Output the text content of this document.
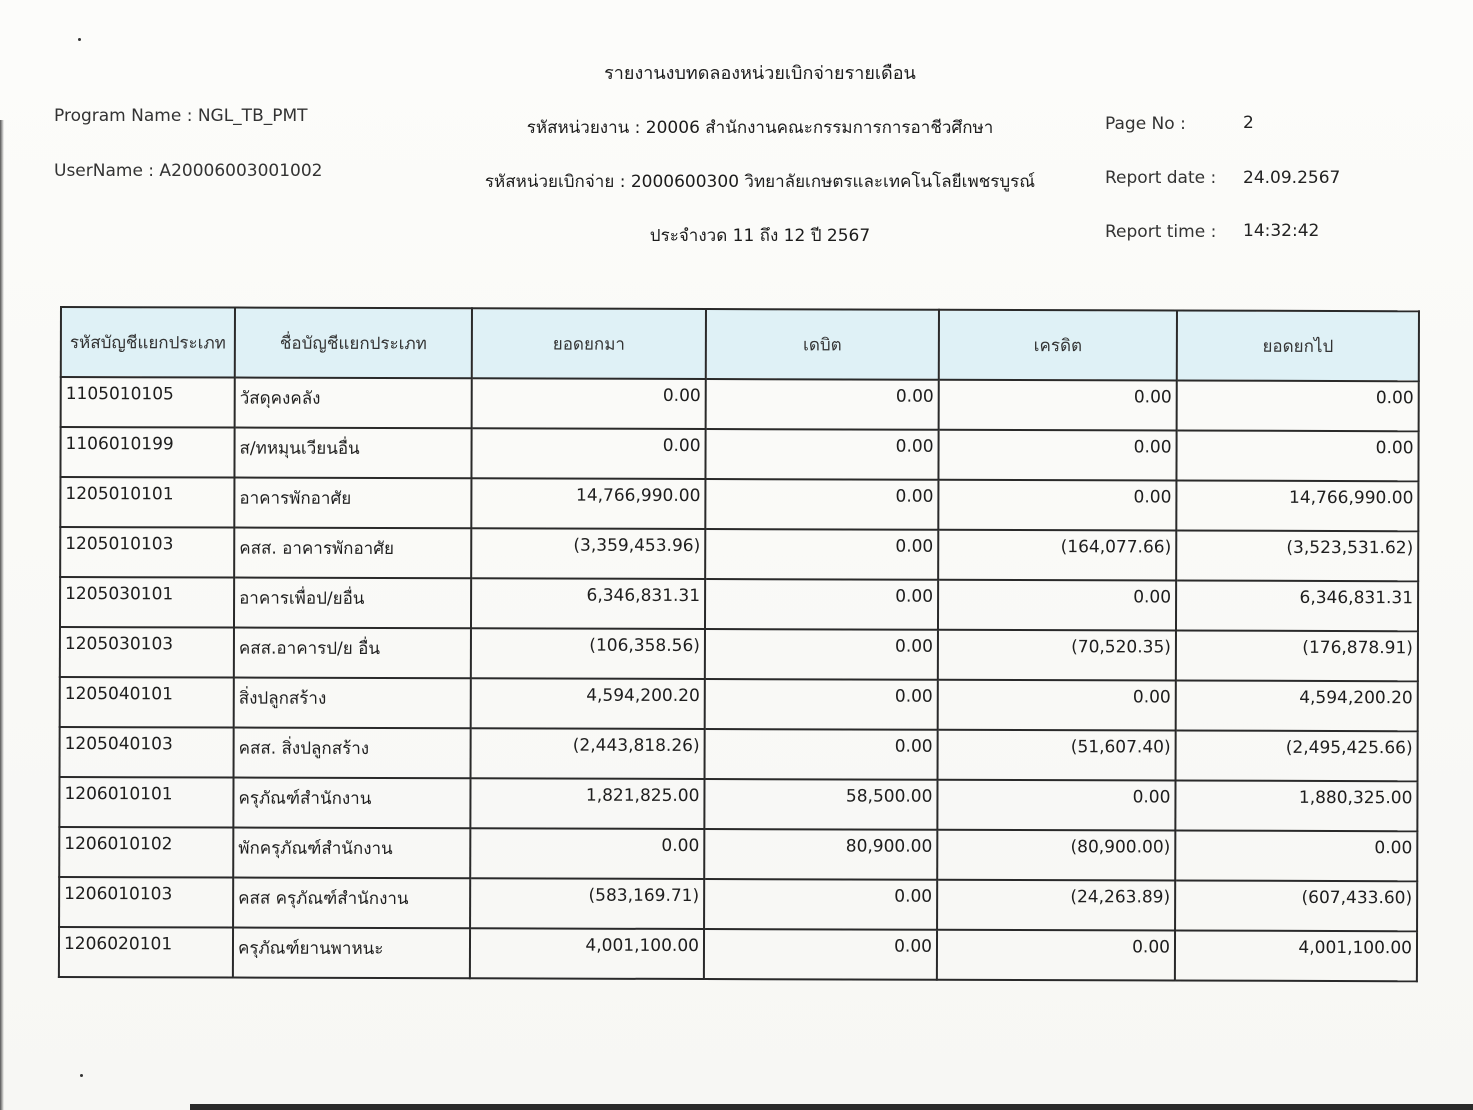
รายงานงบทดลองหน่วยเบิกจ่ายรายเดือน
Program Name : NGL_TB_PMT
UserName : A20006003001002
รหัสหน่วยงาน : 20006 สำนักงานคณะกรรมการการอาชีวศึกษา
รหัสหน่วยเบิกจ่าย : 2000600300 วิทยาลัยเกษตรและเทคโนโลยีเพชรบูรณ์
ประจำงวด 11 ถึง 12 ปี 2567
Page No :	2
Report date : 24.09.2567
Report time : 14:32:42
รหัสบัญชีแยกประเภท	ชื่อบัญชีแยกประเภท	ยอดยกมา	เดบิต	เครดิต	ยอดยกไป
1105010105	วัสดุคงคลัง	0.00	0.00	0.00	0.00
1106010199	ส/ทหมุนเวียนอื่น	0.00	0.00	0.00	0.00
1205010101	อาคารพักอาศัย	14,766,990.00	0.00	0.00	14,766,990.00
1205010103	คสส. อาคารพักอาศัย	(3,359,453.96)	0.00	(164,077.66)	(3,523,531.62)
1205030101	อาคารเพื่อป/ยอื่น	6,346,831.31	0.00	0.00	6,346,831.31
1205030103	คสส.อาคารป/ย อื่น	(106,358.56)	0.00	(70,520.35)	(176,878.91)
1205040101	สิ่งปลูกสร้าง	4,594,200.20	0.00	0.00	4,594,200.20
1205040103	คสส. สิ่งปลูกสร้าง	(2,443,818.26)	0.00	(51,607.40)	(2,495,425.66)
1206010101	ครุภัณฑ์สำนักงาน	1,821,825.00	58,500.00	0.00	1,880,325.00
1206010102	พักครุภัณฑ์สำนักงาน	0.00	80,900.00	(80,900.00)	0.00
1206010103	คสส ครุภัณฑ์สำนักงาน	(583,169.71)	0.00	(24,263.89)	(607,433.60)
1206020101	ครุภัณฑ์ยานพาหนะ	4,001,100.00	0.00	0.00	4,001,100.00
